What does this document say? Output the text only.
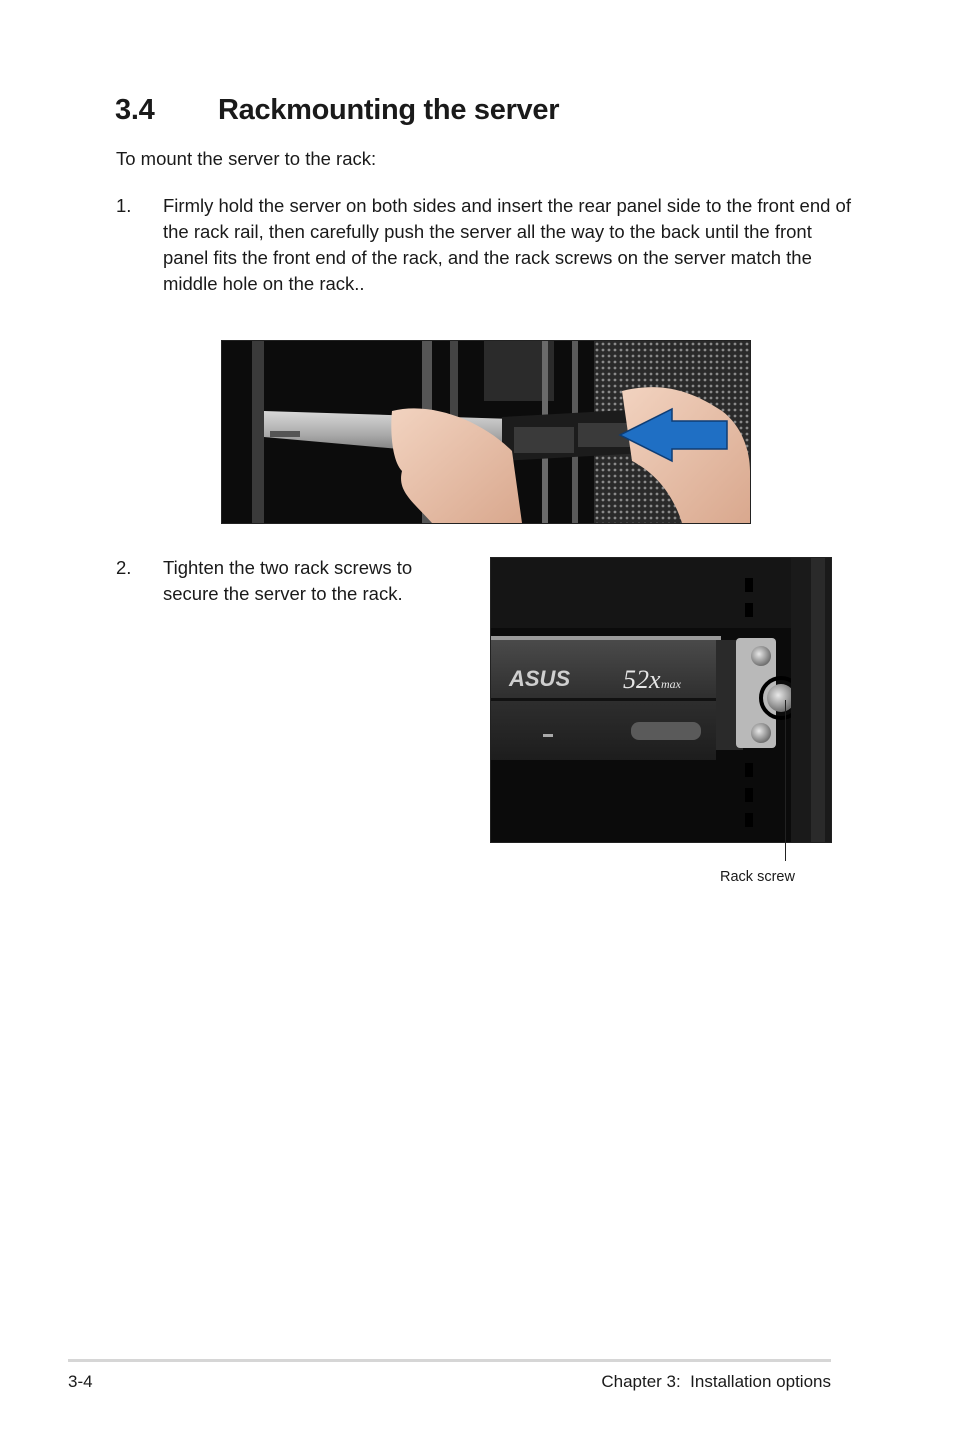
3.4 Rackmounting the server
To mount the server to the rack:
1. Firmly hold the server on both sides and insert the rear panel side to the front end of the rack rail, then carefully push the server all the way to the back until the front panel fits the front end of the rack, and the rack screws on the server match the middle hole on the rack..
2. Tighten the two rack screws to secure the server to the rack.
ASUS 52x max
Rack screw
3-4	Chapter 3:  Installation options
